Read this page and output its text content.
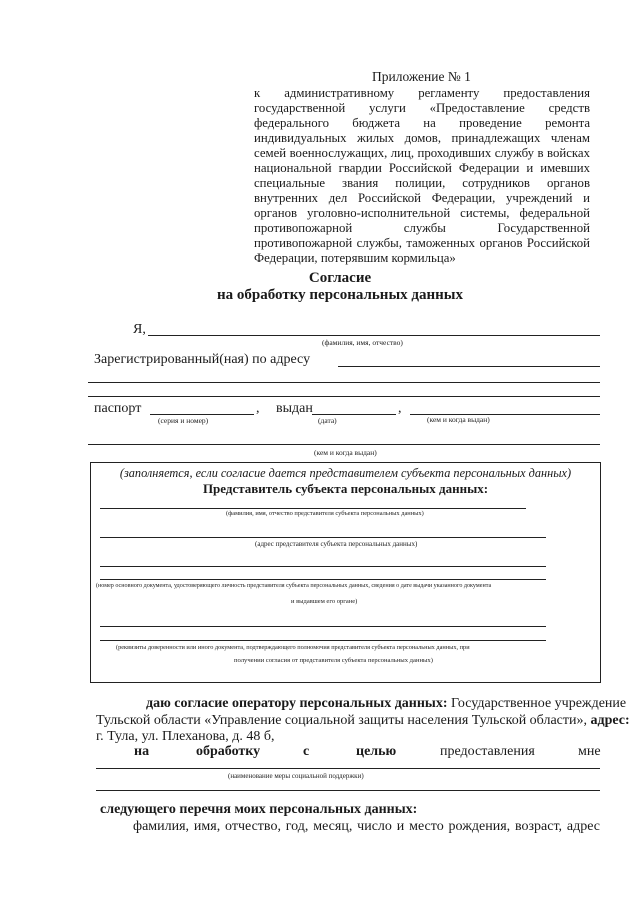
Приложение № 1
к административному регламенту предоставления
государственной услуги «Предоставление средств
федерального бюджета на проведение ремонта
индивидуальных жилых домов, принадлежащих членам
семей военнослужащих, лиц, проходивших службу в войсках
национальной гвардии Российской Федерации и имевших
специальные звания полиции, сотрудников органов
внутренних дел Российской Федерации, учреждений и
органов уголовно-исполнительной системы, федеральной
противопожарной службы Государственной
противопожарной службы, таможенных органов Российской
Федерации, потерявшим кормильца»
Согласие
на обработку персональных данных
Я,
(фамилия, имя, отчество)
Зарегистрированный(ная) по адресу
паспорт
(серия и номер)
, выдан
(дата)
,
(кем и когда выдан)
(кем и когда выдан)
(заполняется, если согласие дается представителем субъекта персональных данных)
Представитель субъекта персональных данных:
(фамилия, имя, отчество представителя субъекта персональных данных)
(адрес представителя субъекта персональных данных)
(номер основного документа, удостоверяющего личность представителя субъекта персональных данных, сведения о дате выдачи указанного документа
и выдавшем его органе)
(реквизиты доверенности или иного документа, подтверждающего полномочия представителя субъекта персональных данных, при
получении согласия от представителя субъекта персональных данных)
даю согласие оператору персональных данных: Государственное учреждение
Тульской области «Управление социальной защиты населения Тульской области», адрес:
г. Тула, ул. Плеханова, д. 48 б,
на	обработку	с	целью	предоставления	мне
(наименование меры социальной поддержки)
следующего перечня моих персональных данных:
фамилия, имя, отчество, год, месяц, число и место рождения, возраст, адрес
